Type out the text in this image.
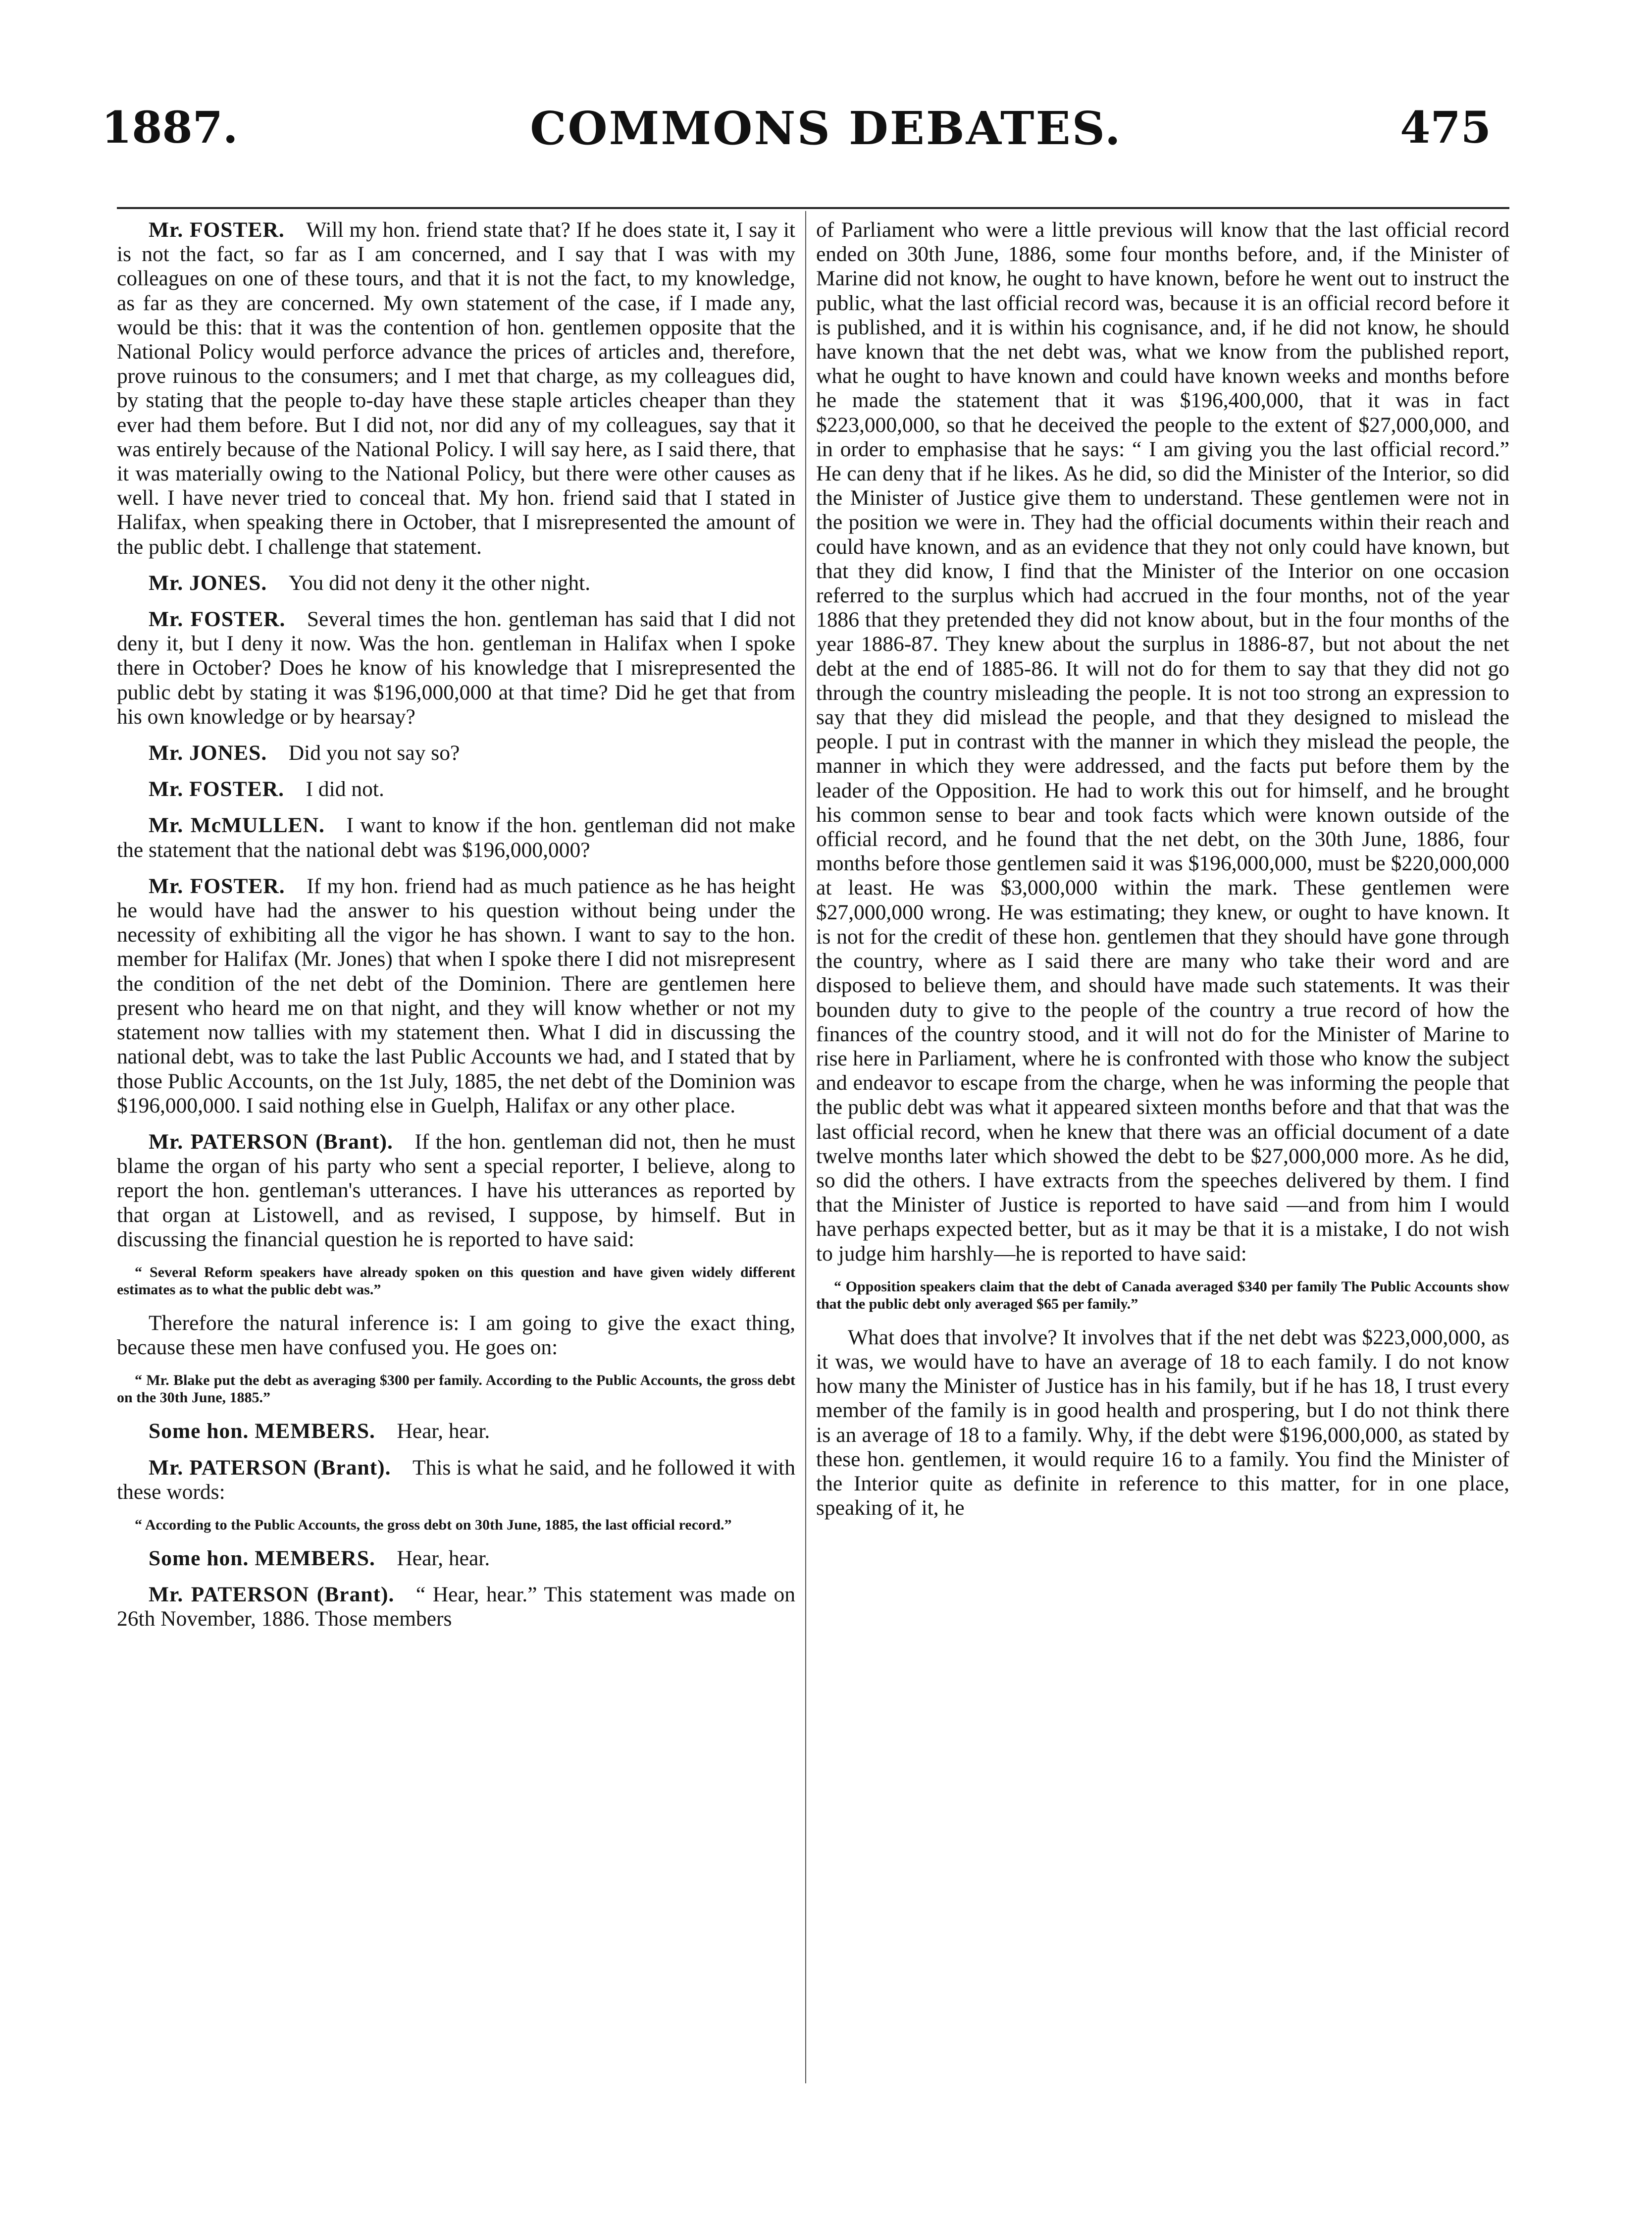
1887.	COMMONS DEBATES.	475

Mr. FOSTER.  Will my hon. friend state that? If he does state it, I say it is not the fact, so far as I am concerned, and I say that I was with my colleagues on one of these tours, and that it is not the fact, to my knowledge, as far as they are concerned. My own statement of the case, if I made any, would be this: that it was the contention of hon. gentlemen opposite that the National Policy would perforce advance the prices of articles and, therefore, prove ruinous to the consumers; and I met that charge, as my colleagues did, by stating that the people to-day have these staple articles cheaper than they ever had them before. But I did not, nor did any of my colleagues, say that it was entirely because of the National Policy. I will say here, as I said there, that it was materially owing to the National Policy, but there were other causes as well. I have never tried to conceal that. My hon. friend said that I stated in Halifax, when speaking there in October, that I misrepresented the amount of the public debt. I challenge that statement.

Mr. JONES.  You did not deny it the other night.

Mr. FOSTER.  Several times the hon. gentleman has said that I did not deny it, but I deny it now. Was the hon. gentleman in Halifax when I spoke there in October? Does he know of his knowledge that I misrepresented the public debt by stating it was $196,000,000 at that time? Did he get that from his own knowledge or by hearsay?

Mr. JONES.  Did you not say so?

Mr. FOSTER.  I did not.

Mr. McMULLEN.  I want to know if the hon. gentleman did not make the statement that the national debt was $196,000,000?

Mr. FOSTER.  If my hon. friend had as much patience as he has height he would have had the answer to his question without being under the necessity of exhibiting all the vigor he has shown. I want to say to the hon. member for Halifax (Mr. Jones) that when I spoke there I did not misrepresent the condition of the net debt of the Dominion. There are gentlemen here present who heard me on that night, and they will know whether or not my statement now tallies with my statement then. What I did in discussing the national debt, was to take the last Public Accounts we had, and I stated that by those Public Accounts, on the 1st July, 1885, the net debt of the Dominion was $196,000,000. I said nothing else in Guelph, Halifax or any other place.

Mr. PATERSON (Brant).  If the hon. gentleman did not, then he must blame the organ of his party who sent a special reporter, I believe, along to report the hon. gentleman's utterances. I have his utterances as reported by that organ at Listowell, and as revised, I suppose, by himself. But in discussing the financial question he is reported to have said:

“ Several Reform speakers have already spoken on this question and have given widely different estimates as to what the public debt was.”

Therefore the natural inference is: I am going to give the exact thing, because these men have confused you. He goes on:

“ Mr. Blake put the debt as averaging $300 per family. According to the Public Accounts, the gross debt on the 30th June, 1885.”

Some hon. MEMBERS.  Hear, hear.

Mr. PATERSON (Brant).  This is what he said, and he followed it with these words:

“ According to the Public Accounts, the gross debt on 30th June, 1885, the last official record.”

Some hon. MEMBERS.  Hear, hear.

Mr. PATERSON (Brant).  “ Hear, hear.” This statement was made on 26th November, 1886. Those members

of Parliament who were a little previous will know that the last official record ended on 30th June, 1886, some four months before, and, if the Minister of Marine did not know, he ought to have known, before he went out to instruct the public, what the last official record was, because it is an official record before it is published, and it is within his cognisance, and, if he did not know, he should have known that the net debt was, what we know from the published report, what he ought to have known and could have known weeks and months before he made the statement that it was $196,400,000, that it was in fact $223,000,000, so that he deceived the people to the extent of $27,000,000, and in order to emphasise that he says: “ I am giving you the last official record.” He can deny that if he likes. As he did, so did the Minister of the Interior, so did the Minister of Justice give them to understand. These gentlemen were not in the position we were in. They had the official documents within their reach and could have known, and as an evidence that they not only could have known, but that they did know, I find that the Minister of the Interior on one occasion referred to the surplus which had accrued in the four months, not of the year 1886 that they pretended they did not know about, but in the four months of the year 1886-87. They knew about the surplus in 1886-87, but not about the net debt at the end of 1885-86. It will not do for them to say that they did not go through the country misleading the people. It is not too strong an expression to say that they did mislead the people, and that they designed to mislead the people. I put in contrast with the manner in which they mislead the people, the manner in which they were addressed, and the facts put before them by the leader of the Opposition. He had to work this out for himself, and he brought his common sense to bear and took facts which were known outside of the official record, and he found that the net debt, on the 30th June, 1886, four months before those gentlemen said it was $196,000,000, must be $220,000,000 at least. He was $3,000,000 within the mark. These gentlemen were $27,000,000 wrong. He was estimating; they knew, or ought to have known. It is not for the credit of these hon. gentlemen that they should have gone through the country, where as I said there are many who take their word and are disposed to believe them, and should have made such statements. It was their bounden duty to give to the people of the country a true record of how the finances of the country stood, and it will not do for the Minister of Marine to rise here in Parliament, where he is confronted with those who know the subject and endeavor to escape from the charge, when he was informing the people that the public debt was what it appeared sixteen months before and that that was the last official record, when he knew that there was an official document of a date twelve months later which showed the debt to be $27,000,000 more. As he did, so did the others. I have extracts from the speeches delivered by them. I find that the Minister of Justice is reported to have said —and from him I would have perhaps expected better, but as it may be that it is a mistake, I do not wish to judge him harshly—he is reported to have said:

“ Opposition speakers claim that the debt of Canada averaged $340 per family The Public Accounts show that the public debt only averaged $65 per family.”

What does that involve? It involves that if the net debt was $223,000,000, as it was, we would have to have an average of 18 to each family. I do not know how many the Minister of Justice has in his family, but if he has 18, I trust every member of the family is in good health and prospering, but I do not think there is an average of 18 to a family. Why, if the debt were $196,000,000, as stated by these hon. gentlemen, it would require 16 to a family. You find the Minister of the Interior quite as definite in reference to this matter, for in one place, speaking of it, he
